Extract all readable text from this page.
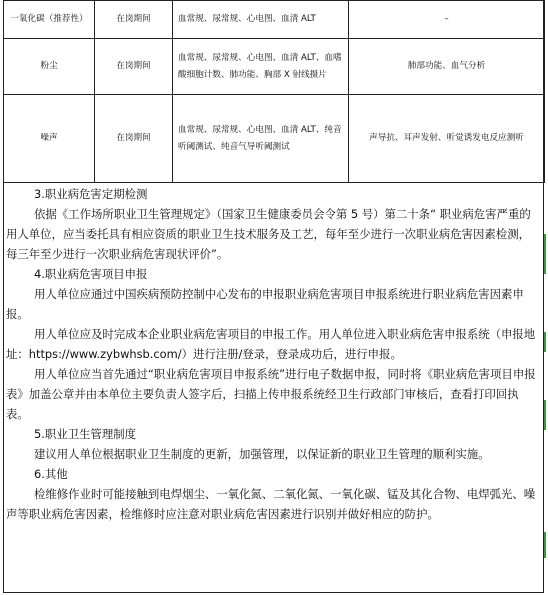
一氧化碳（推荐性）	在岗期间	血常规、尿常规、心电图、血清 ALT	–
粉尘	在岗期间	血常规、尿常规、心电图、血清 ALT、血嗜酸细胞计数、肺功能、胸部 X 射线摄片	肺部功能、血气分析
噪声	在岗期间	血常规、尿常规、心电图、血清 ALT、纯音听阈测试、纯音气导听阈测试	声导抗、耳声发射、听觉诱发电反应测听

3.职业病危害定期检测

依据《工作场所职业卫生管理规定》（国家卫生健康委员会令第 5 号）第二十条“ 职业病危害严重的用人单位，应当委托具有相应资质的职业卫生技术服务及工艺，每年至少进行一次职业病危害因素检测，每三年至少进行一次职业病危害现状评价”。

4.职业病危害项目申报

用人单位应通过中国疾病预防控制中心发布的申报职业病危害项目申报系统进行职业病危害因素申报。

用人单位应及时完成本企业职业病危害项目的申报工作。用人单位进入职业病危害申报系统（申报地址：https://www.zybwhsb.com/）进行注册/登录，登录成功后，进行申报。

用人单位应当首先通过“职业病危害项目申报系统”进行电子数据申报，同时将《职业病危害项目申报表》加盖公章并由本单位主要负责人签字后，扫描上传申报系统经卫生行政部门审核后，查看打印回执表。

5.职业卫生管理制度

建议用人单位根据职业卫生制度的更新，加强管理，以保证新的职业卫生管理的顺利实施。

6.其他

检维修作业时可能接触到电焊烟尘、一氧化氮、二氧化氮、一氧化碳、锰及其化合物、电焊弧光、噪声等职业病危害因素，检维修时应注意对职业病危害因素进行识别并做好相应的防护。
